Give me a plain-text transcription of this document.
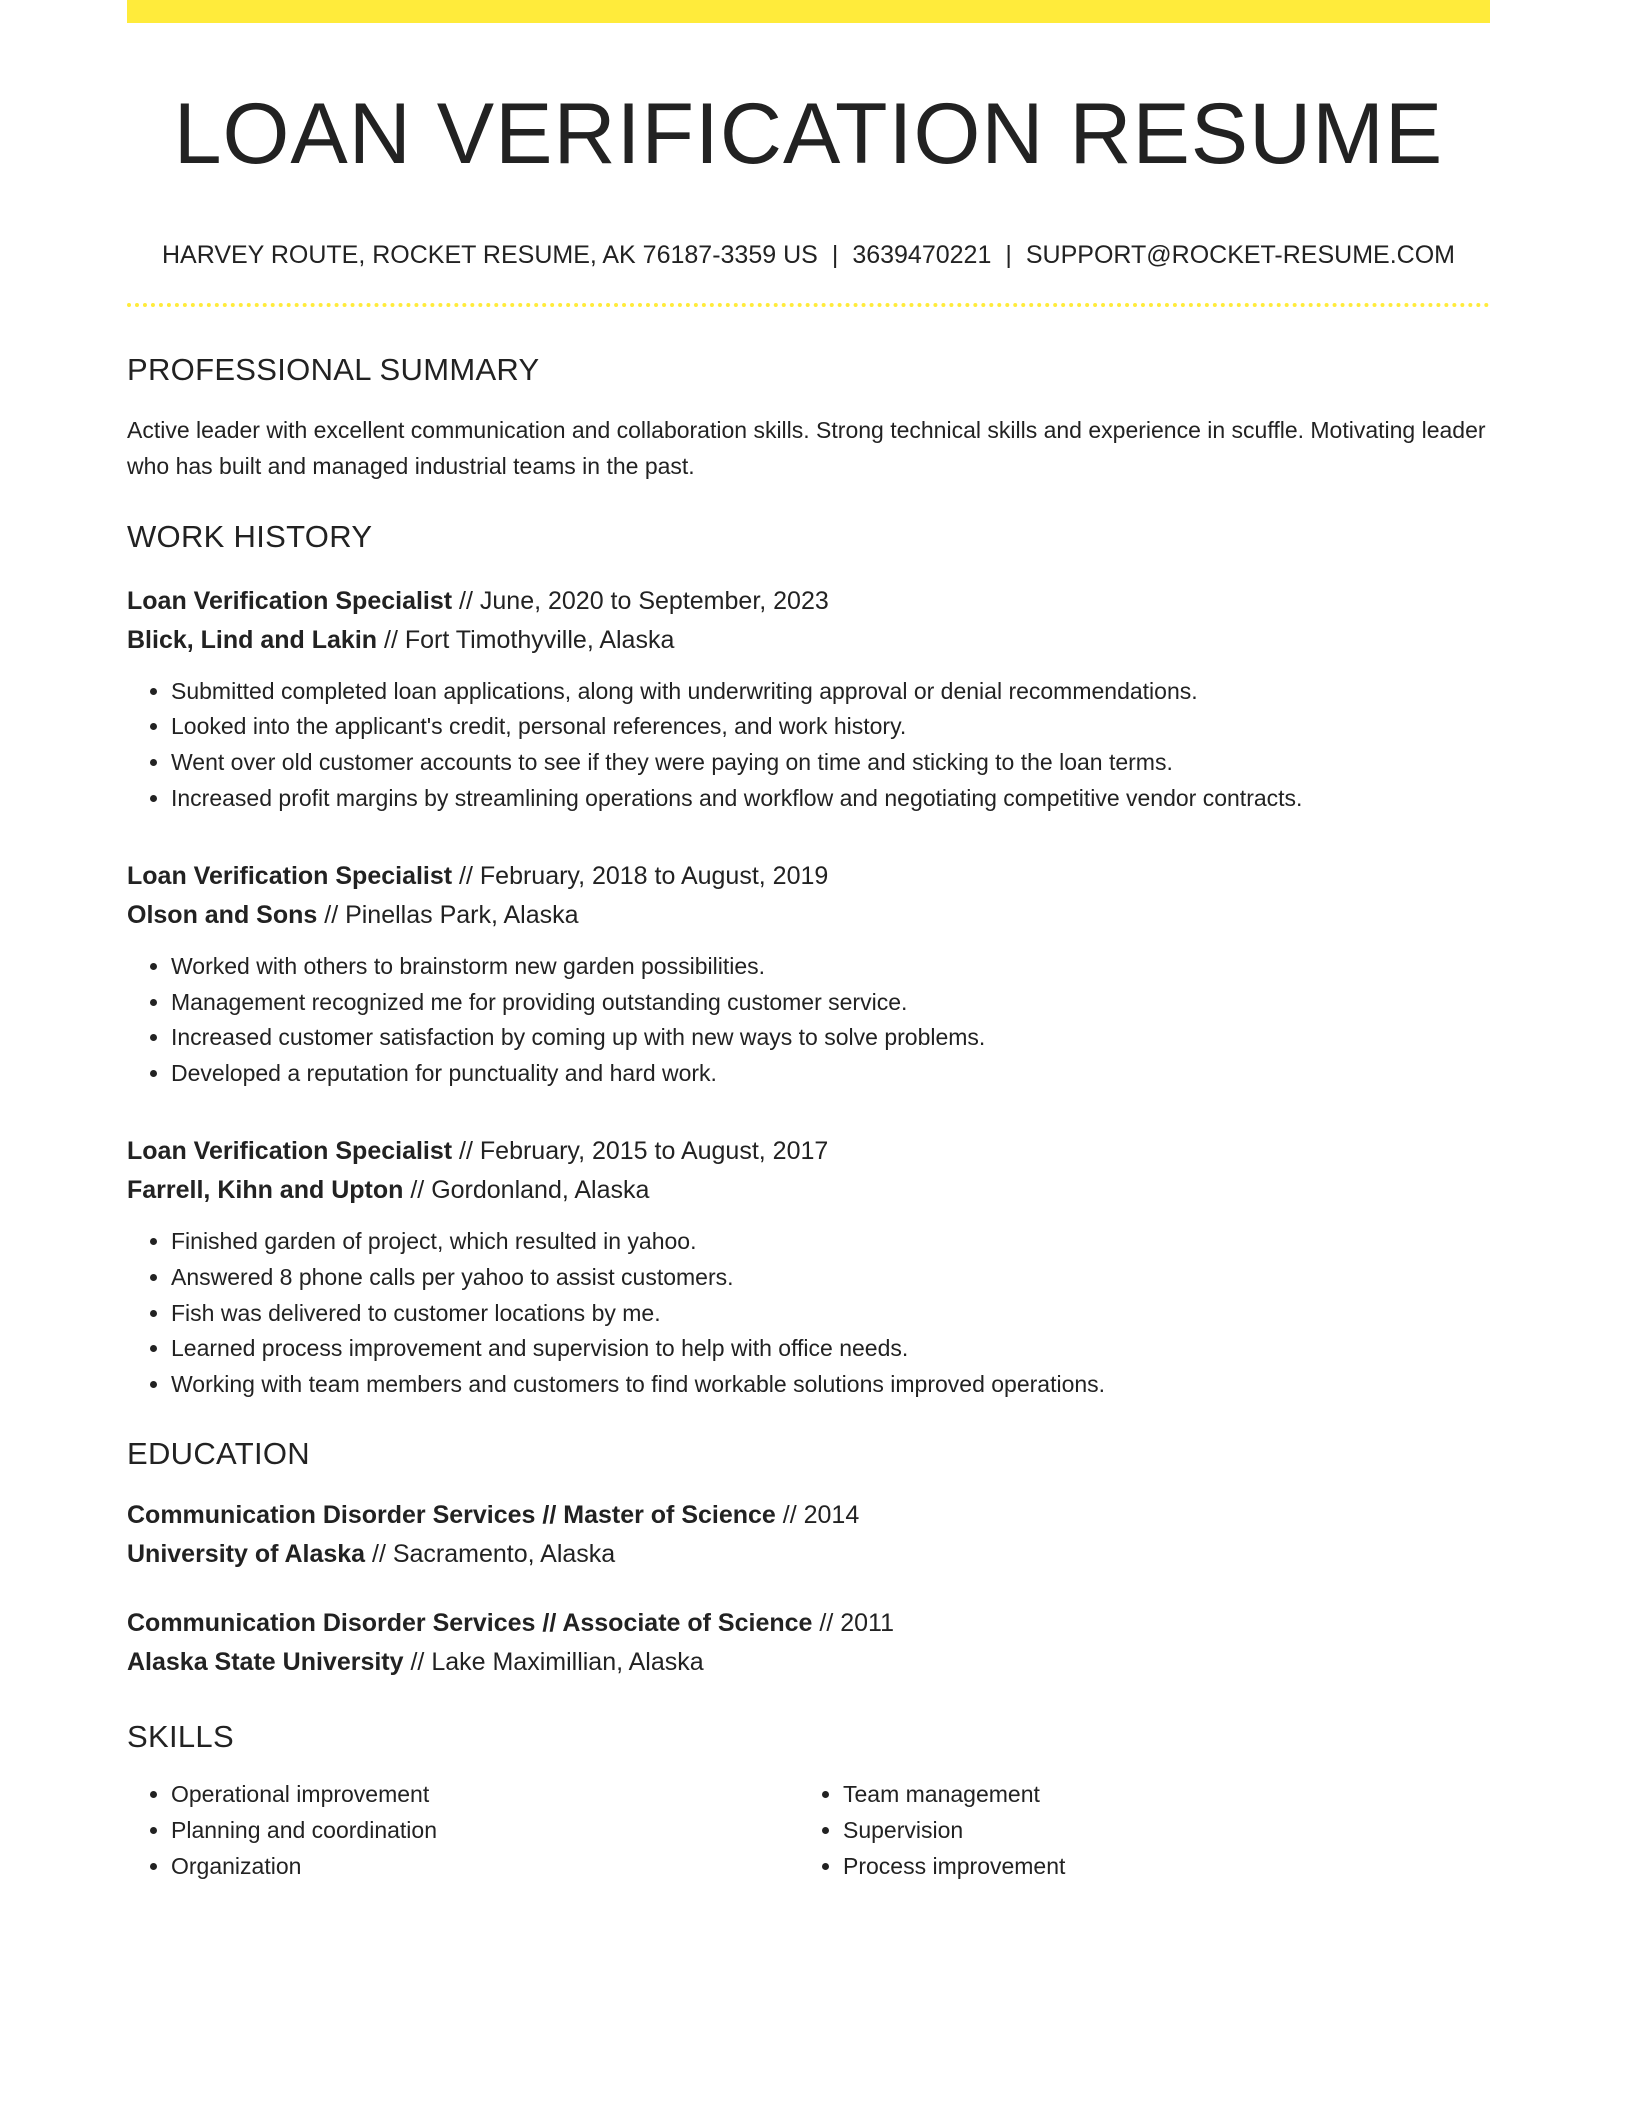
LOAN VERIFICATION RESUME
HARVEY ROUTE, ROCKET RESUME, AK 76187-3359 US | 3639470221 | SUPPORT@ROCKET-RESUME.COM
PROFESSIONAL SUMMARY
Active leader with excellent communication and collaboration skills. Strong technical skills and experience in scuffle. Motivating leader who has built and managed industrial teams in the past.
WORK HISTORY
Loan Verification Specialist // June, 2020 to September, 2023
Blick, Lind and Lakin // Fort Timothyville, Alaska
• Submitted completed loan applications, along with underwriting approval or denial recommendations.
• Looked into the applicant's credit, personal references, and work history.
• Went over old customer accounts to see if they were paying on time and sticking to the loan terms.
• Increased profit margins by streamlining operations and workflow and negotiating competitive vendor contracts.
Loan Verification Specialist // February, 2018 to August, 2019
Olson and Sons // Pinellas Park, Alaska
• Worked with others to brainstorm new garden possibilities.
• Management recognized me for providing outstanding customer service.
• Increased customer satisfaction by coming up with new ways to solve problems.
• Developed a reputation for punctuality and hard work.
Loan Verification Specialist // February, 2015 to August, 2017
Farrell, Kihn and Upton // Gordonland, Alaska
• Finished garden of project, which resulted in yahoo.
• Answered 8 phone calls per yahoo to assist customers.
• Fish was delivered to customer locations by me.
• Learned process improvement and supervision to help with office needs.
• Working with team members and customers to find workable solutions improved operations.
EDUCATION
Communication Disorder Services // Master of Science // 2014
University of Alaska // Sacramento, Alaska
Communication Disorder Services // Associate of Science // 2011
Alaska State University // Lake Maximillian, Alaska
SKILLS
• Operational improvement
• Planning and coordination
• Organization
• Team management
• Supervision
• Process improvement
